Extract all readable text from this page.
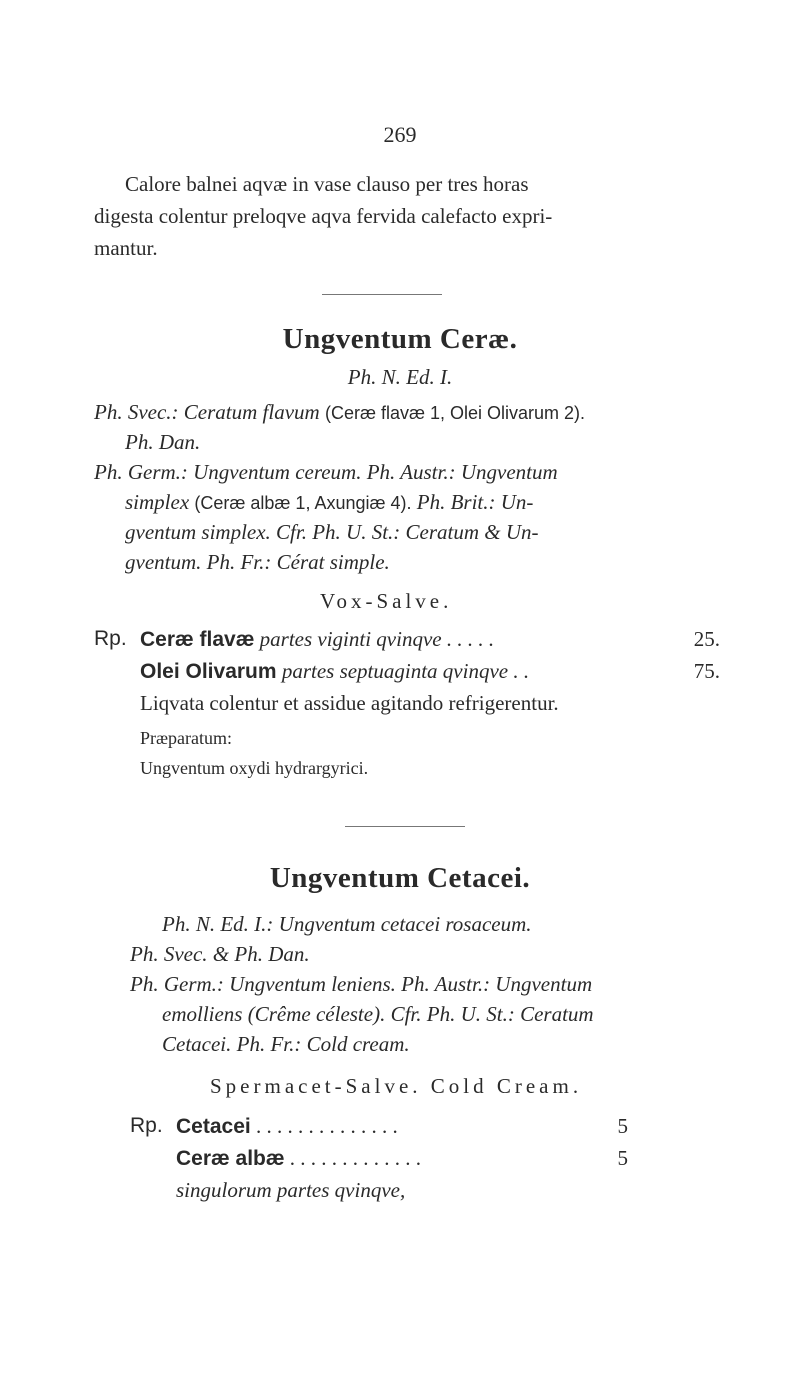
269
Calore balnei aqvæ in vase clauso per tres horas
digesta colentur preloqve aqva fervida calefacto expri-
mantur.
Ungventum Ceræ.
Ph. N. Ed. I.
Ph. Svec.: Ceratum flavum (Ceræ flavæ 1, Olei Olivarum 2).
Ph. Dan.
Ph. Germ.: Ungventum cereum. Ph. Austr.: Ungventum
simplex (Ceræ albæ 1, Axungiæ 4). Ph. Brit.: Un-
gventum simplex. Cfr. Ph. U. St.: Ceratum & Un-
gventum. Ph. Fr.: Cérat simple.
Vox-Salve.
Rp. Ceræ flavæ partes viginti qvinqve . . . . .	25.
Olei Olivarum partes septuaginta qvinqve . .	75.
Liqvata colentur et assidue agitando refrigerentur.
Præparatum:
Ungventum oxydi hydrargyrici.
Ungventum Cetacei.
Ph. N. Ed. I.: Ungventum cetacei rosaceum.
Ph. Svec. & Ph. Dan.
Ph. Germ.: Ungventum leniens. Ph. Austr.: Ungventum
emolliens (Crême céleste). Cfr. Ph. U. St.: Ceratum
Cetacei. Ph. Fr.: Cold cream.
Spermacet-Salve. Cold Cream.
Rp. Cetacei . . . . . . . . . . . . . .	5
Ceræ albæ . . . . . . . . . . . . .	5
singulorum partes qvinqve,
